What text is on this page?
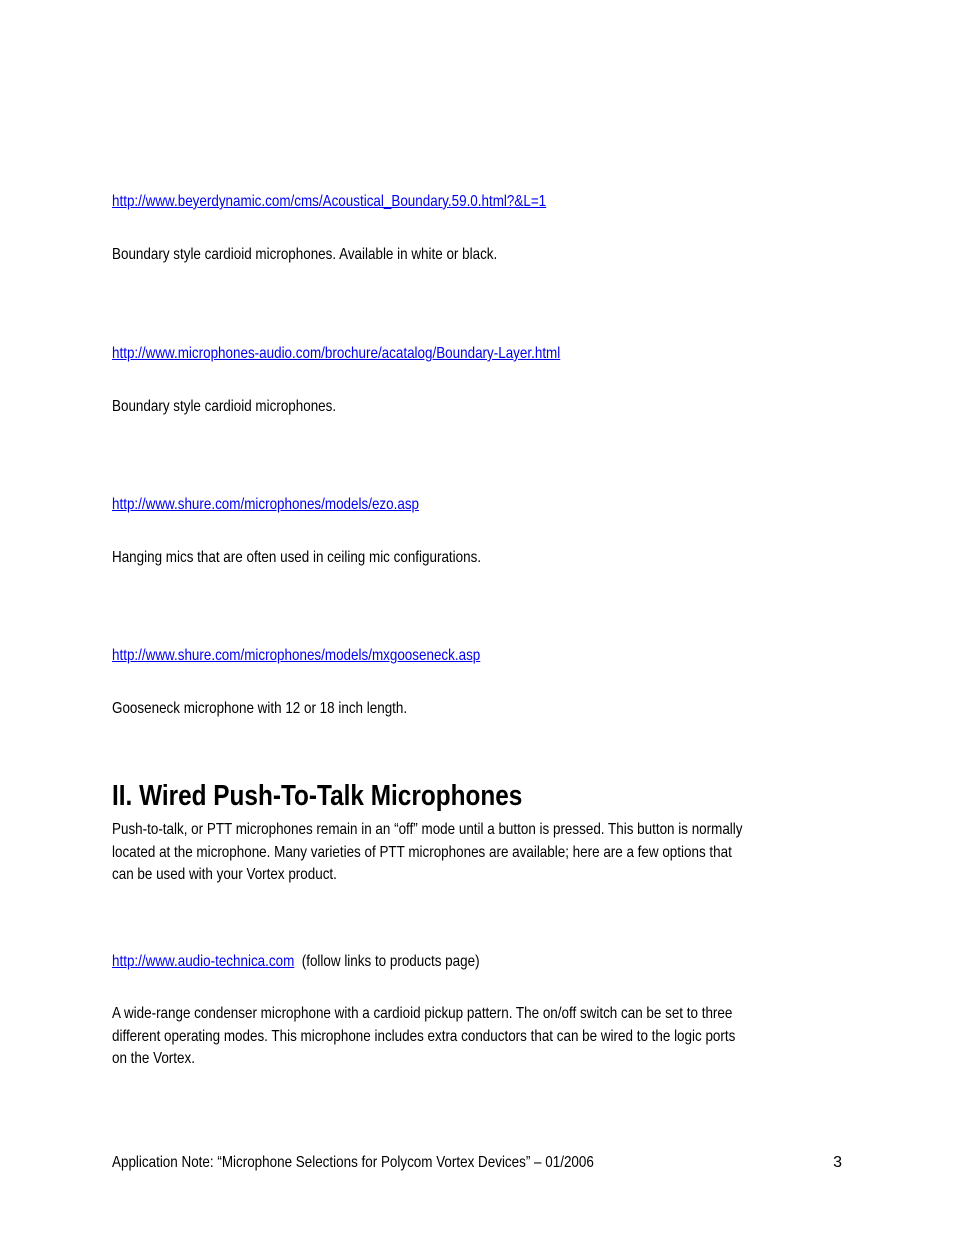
http://www.beyerdynamic.com/cms/Acoustical_Boundary.59.0.html?&L=1

Boundary style cardioid microphones. Available in white or black.

http://www.microphones-audio.com/brochure/acatalog/Boundary-Layer.html

Boundary style cardioid microphones.

http://www.shure.com/microphones/models/ezo.asp

Hanging mics that are often used in ceiling mic configurations.

http://www.shure.com/microphones/models/mxgooseneck.asp

Gooseneck microphone with 12 or 18 inch length.

II. Wired Push-To-Talk Microphones

Push-to-talk, or PTT microphones remain in an “off” mode until a button is pressed. This button is normally
located at the microphone. Many varieties of PTT microphones are available; here are a few options that
can be used with your Vortex product.

http://www.audio-technica.com (follow links to products page)

A wide-range condenser microphone with a cardioid pickup pattern. The on/off switch can be set to three
different operating modes. This microphone includes extra conductors that can be wired to the logic ports
on the Vortex.

Application Note: “Microphone Selections for Polycom Vortex Devices” – 01/2006	3
